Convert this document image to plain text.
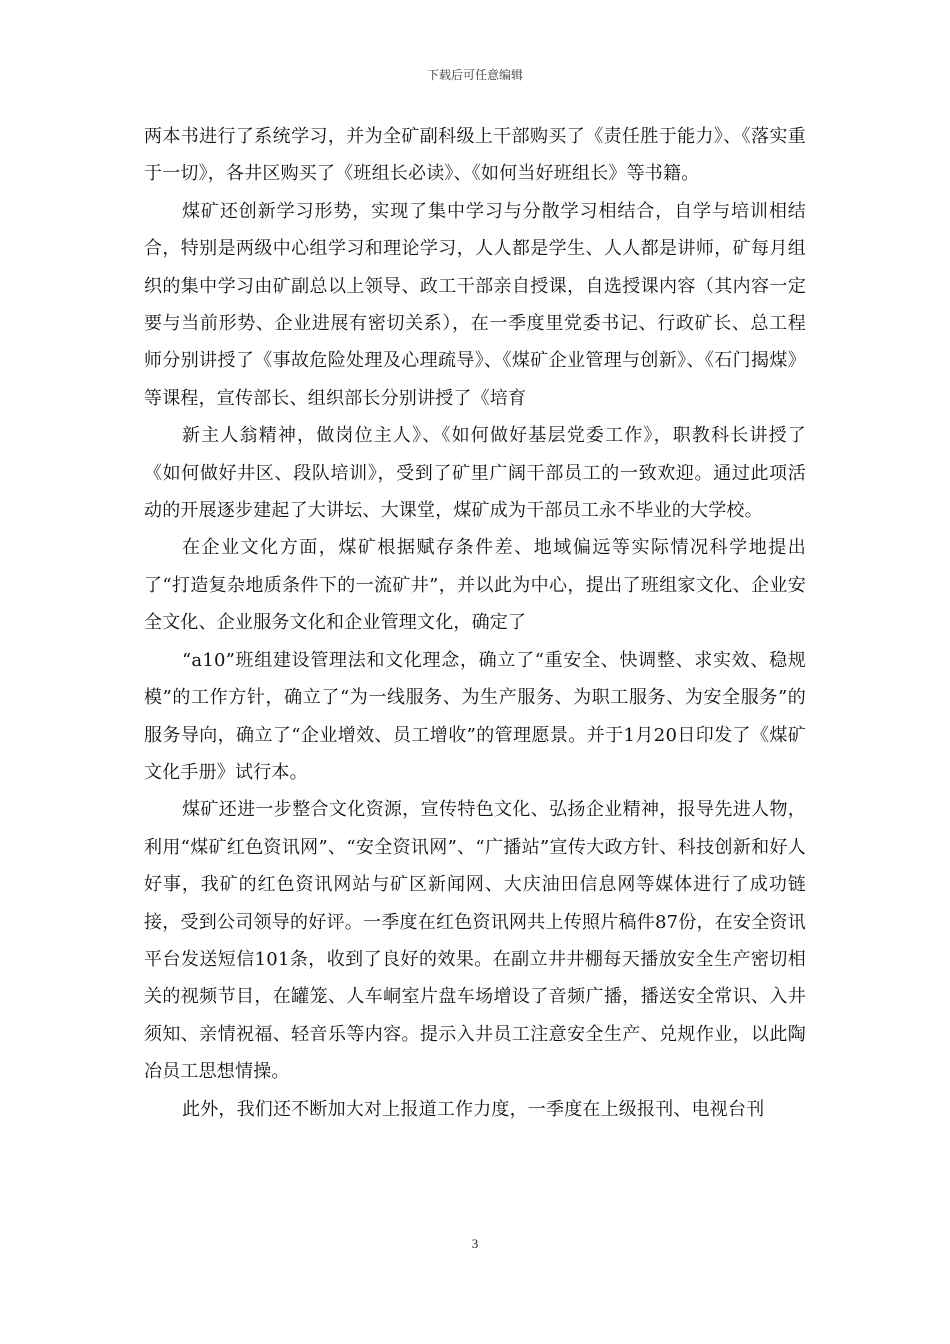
下载后可任意编辑

两本书进行了系统学习，并为全矿副科级上干部购买了《责任胜于能力》、《落实重于一切》，各井区购买了《班组长必读》、《如何当好班组长》等书籍。

煤矿还创新学习形势，实现了集中学习与分散学习相结合，自学与培训相结合，特别是两级中心组学习和理论学习，人人都是学生、人人都是讲师，矿每月组织的集中学习由矿副总以上领导、政工干部亲自授课，自选授课内容（其内容一定要与当前形势、企业进展有密切关系），在一季度里党委书记、行政矿长、总工程师分别讲授了《事故危险处理及心理疏导》、《煤矿企业管理与创新》、《石门揭煤》等课程，宣传部长、组织部长分别讲授了《培育

新主人翁精神，做岗位主人》、《如何做好基层党委工作》，职教科长讲授了《如何做好井区、段队培训》，受到了矿里广阔干部员工的一致欢迎。通过此项活动的开展逐步建起了大讲坛、大课堂，煤矿成为干部员工永不毕业的大学校。

在企业文化方面，煤矿根据赋存条件差、地域偏远等实际情况科学地提出了“打造复杂地质条件下的一流矿井”，并以此为中心，提出了班组家文化、企业安全文化、企业服务文化和企业管理文化，确定了

“a10”班组建设管理法和文化理念，确立了“重安全、快调整、求实效、稳规模”的工作方针，确立了“为一线服务、为生产服务、为职工服务、为安全服务”的服务导向，确立了“企业增效、员工增收”的管理愿景。并于1月20日印发了《煤矿文化手册》试行本。

煤矿还进一步整合文化资源，宣传特色文化、弘扬企业精神，报导先进人物，利用“煤矿红色资讯网”、“安全资讯网”、“广播站”宣传大政方针、科技创新和好人好事，我矿的红色资讯网站与矿区新闻网、大庆油田信息网等媒体进行了成功链接，受到公司领导的好评。一季度在红色资讯网共上传照片稿件87份，在安全资讯平台发送短信101条，收到了良好的效果。在副立井井棚每天播放安全生产密切相关的视频节目，在罐笼、人车峒室片盘车场增设了音频广播，播送安全常识、入井须知、亲情祝福、轻音乐等内容。提示入井员工注意安全生产、兑规作业，以此陶冶员工思想情操。

此外，我们还不断加大对上报道工作力度，一季度在上级报刊、电视台刊

3
